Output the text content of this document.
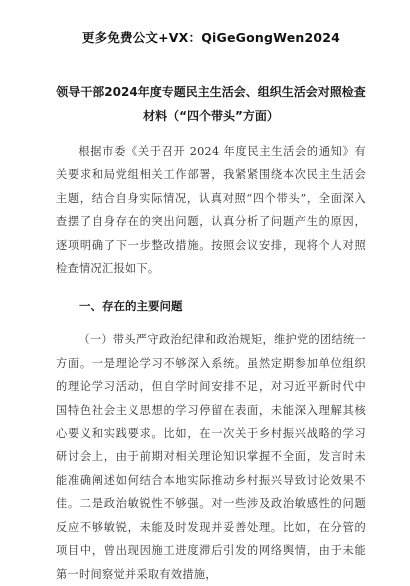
更多免费公文+VX：QiGeGongWen2024
领导干部2024年度专题民主生活会、组织生活会对照检查
材料（“四个带头”方面）

根据市委《关于召开 2024 年度民主生活会的通知》有关要求和局党组相关工作部署，我紧紧围绕本次民主生活会主题，结合自身实际情况，认真对照“四个带头”，全面深入查摆了自身存在的突出问题，认真分析了问题产生的原因，逐项明确了下一步整改措施。按照会议安排，现将个人对照检查情况汇报如下。

一、存在的主要问题

（一）带头严守政治纪律和政治规矩，维护党的团结统一方面。一是理论学习不够深入系统。虽然定期参加单位组织的理论学习活动，但自学时间安排不足，对习近平新时代中国特色社会主义思想的学习停留在表面，未能深入理解其核心要义和实践要求。比如，在一次关于乡村振兴战略的学习研讨会上，由于前期对相关理论知识掌握不全面，发言时未能准确阐述如何结合本地实际推动乡村振兴导致讨论效果不佳。二是政治敏锐性不够强。对一些涉及政治敏感性的问题反应不够敏锐，未能及时发现并妥善处理。比如，在分管的项目中，曾出现因施工进度滞后引发的网络舆情，由于未能第一时间察觉并采取有效措施，
